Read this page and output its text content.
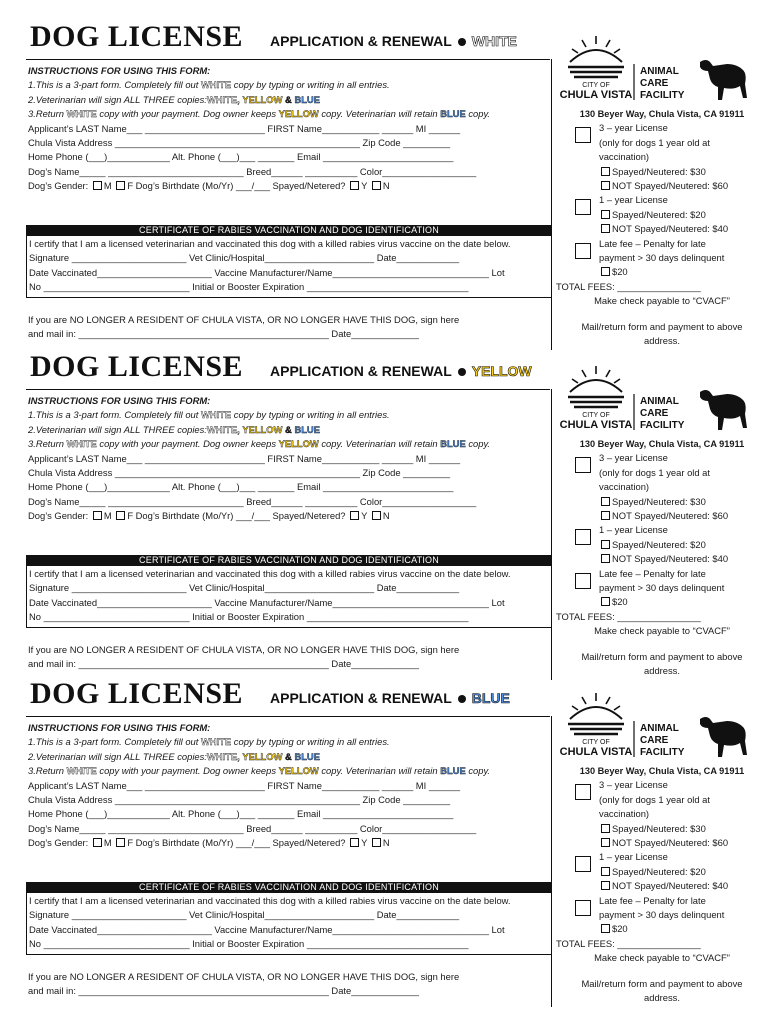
DOG LICENSE APPLICATION & RENEWAL WHITE
INSTRUCTIONS FOR USING THIS FORM:
1.This is a 3-part form. Completely fill out WHITE copy by typing or writing in all entries.
2.Veterinarian will sign ALL THREE copies:WHITE, YELLOW & BLUE
3.Return WHITE copy with your payment. Dog owner keeps YELLOW copy. Veterinarian will retain BLUE copy.
Applicant’s LAST Name___ _______________________ FIRST Name___________ ______ MI ______
Chula Vista Address _______________________________________________ Zip Code _________
Home Phone (___)____________ Alt. Phone (___)___ _______ Email _________________________
Dog’s Name_____ __________________________ Breed______ __________ Color__________________
Dog’s Gender: M F Dog’s Birthdate (Mo/Yr) ___/___ Spayed/Netered? Y N
CERTIFICATE OF RABIES VACCINATION AND DOG IDENTIFICATION
I certify that I am a licensed veterinarian and vaccinated this dog with a killed rabies virus vaccine on the date below.
Signature ______________________ Vet Clinic/Hospital_____________________ Date____________
Date Vaccinated______________________ Vaccine Manufacturer/Name______________________________ Lot
No ____________________________ Initial or Booster Expiration _______________________________
If you are NO LONGER A RESIDENT OF CHULA VISTA, OR NO LONGER HAVE THIS DOG, sign here
and mail in: ________________________________________________ Date_____________
CITY OF
CHULA VISTA
ANIMAL
CARE
FACILITY
130 Beyer Way, Chula Vista, CA 91911
3 – year License
(only for dogs 1 year old at
vaccination)
Spayed/Neutered: $30
NOT Spayed/Neutered: $60
1 – year License
Spayed/Neutered: $20
NOT Spayed/Neutered: $40
Late fee – Penalty for late
payment > 30 days delinquent
$20
TOTAL FEES: ________________
Make check payable to “CVACF”
Mail/return form and payment to above
address.
DOG LICENSE APPLICATION & RENEWAL YELLOW
INSTRUCTIONS FOR USING THIS FORM:
1.This is a 3-part form. Completely fill out WHITE copy by typing or writing in all entries.
2.Veterinarian will sign ALL THREE copies:WHITE, YELLOW & BLUE
3.Return WHITE copy with your payment. Dog owner keeps YELLOW copy. Veterinarian will retain BLUE copy.
Applicant’s LAST Name___ _______________________ FIRST Name___________ ______ MI ______
Chula Vista Address _______________________________________________ Zip Code _________
Home Phone (___)____________ Alt. Phone (___)___ _______ Email _________________________
Dog’s Name_____ __________________________ Breed______ __________ Color__________________
Dog’s Gender: M F Dog’s Birthdate (Mo/Yr) ___/___ Spayed/Netered? Y N
CERTIFICATE OF RABIES VACCINATION AND DOG IDENTIFICATION
I certify that I am a licensed veterinarian and vaccinated this dog with a killed rabies virus vaccine on the date below.
Signature ______________________ Vet Clinic/Hospital_____________________ Date____________
Date Vaccinated______________________ Vaccine Manufacturer/Name______________________________ Lot
No ____________________________ Initial or Booster Expiration _______________________________
If you are NO LONGER A RESIDENT OF CHULA VISTA, OR NO LONGER HAVE THIS DOG, sign here
and mail in: ________________________________________________ Date_____________
CITY OF
CHULA VISTA
ANIMAL
CARE
FACILITY
130 Beyer Way, Chula Vista, CA 91911
3 – year License
(only for dogs 1 year old at
vaccination)
Spayed/Neutered: $30
NOT Spayed/Neutered: $60
1 – year License
Spayed/Neutered: $20
NOT Spayed/Neutered: $40
Late fee – Penalty for late
payment > 30 days delinquent
$20
TOTAL FEES: ________________
Make check payable to “CVACF”
Mail/return form and payment to above
address.
DOG LICENSE APPLICATION & RENEWAL BLUE
INSTRUCTIONS FOR USING THIS FORM:
1.This is a 3-part form. Completely fill out WHITE copy by typing or writing in all entries.
2.Veterinarian will sign ALL THREE copies:WHITE, YELLOW & BLUE
3.Return WHITE copy with your payment. Dog owner keeps YELLOW copy. Veterinarian will retain BLUE copy.
Applicant’s LAST Name___ _______________________ FIRST Name___________ ______ MI ______
Chula Vista Address _______________________________________________ Zip Code _________
Home Phone (___)____________ Alt. Phone (___)___ _______ Email _________________________
Dog’s Name_____ __________________________ Breed______ __________ Color__________________
Dog’s Gender: M F Dog’s Birthdate (Mo/Yr) ___/___ Spayed/Netered? Y N
CERTIFICATE OF RABIES VACCINATION AND DOG IDENTIFICATION
I certify that I am a licensed veterinarian and vaccinated this dog with a killed rabies virus vaccine on the date below.
Signature ______________________ Vet Clinic/Hospital_____________________ Date____________
Date Vaccinated______________________ Vaccine Manufacturer/Name______________________________ Lot
No ____________________________ Initial or Booster Expiration _______________________________
If you are NO LONGER A RESIDENT OF CHULA VISTA, OR NO LONGER HAVE THIS DOG, sign here
and mail in: ________________________________________________ Date_____________
CITY OF
CHULA VISTA
ANIMAL
CARE
FACILITY
130 Beyer Way, Chula Vista, CA 91911
3 – year License
(only for dogs 1 year old at
vaccination)
Spayed/Neutered: $30
NOT Spayed/Neutered: $60
1 – year License
Spayed/Neutered: $20
NOT Spayed/Neutered: $40
Late fee – Penalty for late
payment > 30 days delinquent
$20
TOTAL FEES: ________________
Make check payable to “CVACF”
Mail/return form and payment to above
address.
